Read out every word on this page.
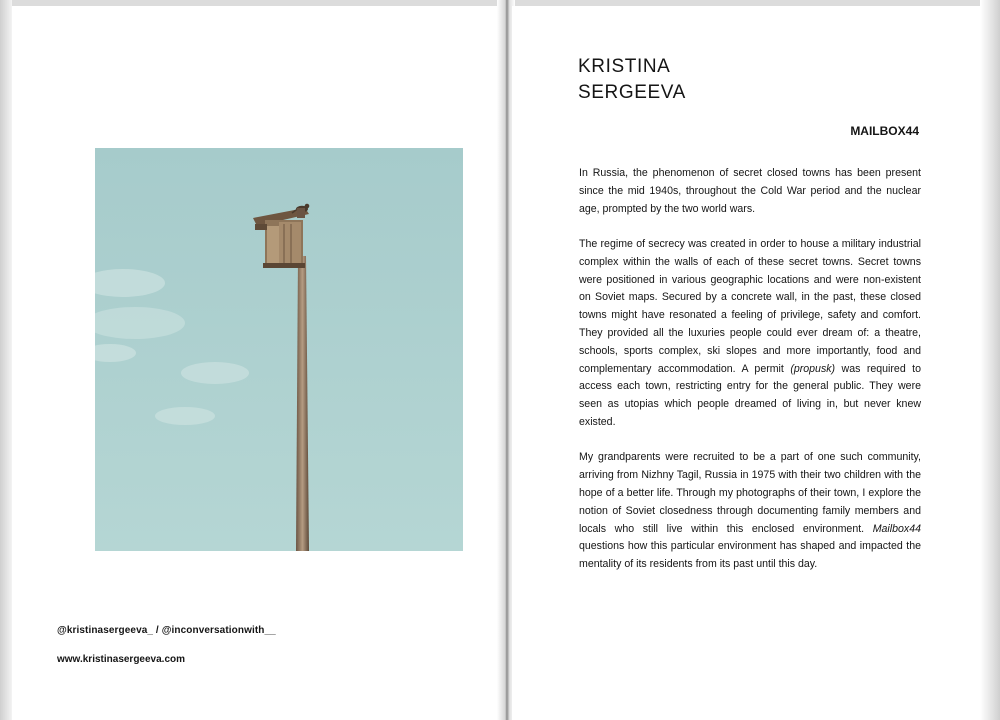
@kristinasergeeva_ / @inconversationwith__
www.kristinasergeeva.com
KRISTINA
SERGEEVA
MAILBOX44

In Russia, the phenomenon of secret closed towns has been present since the mid 1940s, throughout the Cold War period and the nuclear age, prompted by the two world wars.

The regime of secrecy was created in order to house a military industrial complex within the walls of each of these secret towns. Secret towns were positioned in various geographic locations and were non-existent on Soviet maps. Secured by a concrete wall, in the past, these closed towns might have resonated a feeling of privilege, safety and comfort. They provided all the luxuries people could ever dream of: a theatre, schools, sports complex, ski slopes and more importantly, food and complementary accommodation. A permit (propusk) was required to access each town, restricting entry for the general public. They were seen as utopias which people dreamed of living in, but never knew existed.

My grandparents were recruited to be a part of one such community, arriving from Nizhny Tagil, Russia in 1975 with their two children with the hope of a better life. Through my photographs of their town, I explore the notion of Soviet closedness through documenting family members and locals who still live within this enclosed environment. Mailbox44 questions how this particular environment has shaped and impacted the mentality of its residents from its past until this day.
